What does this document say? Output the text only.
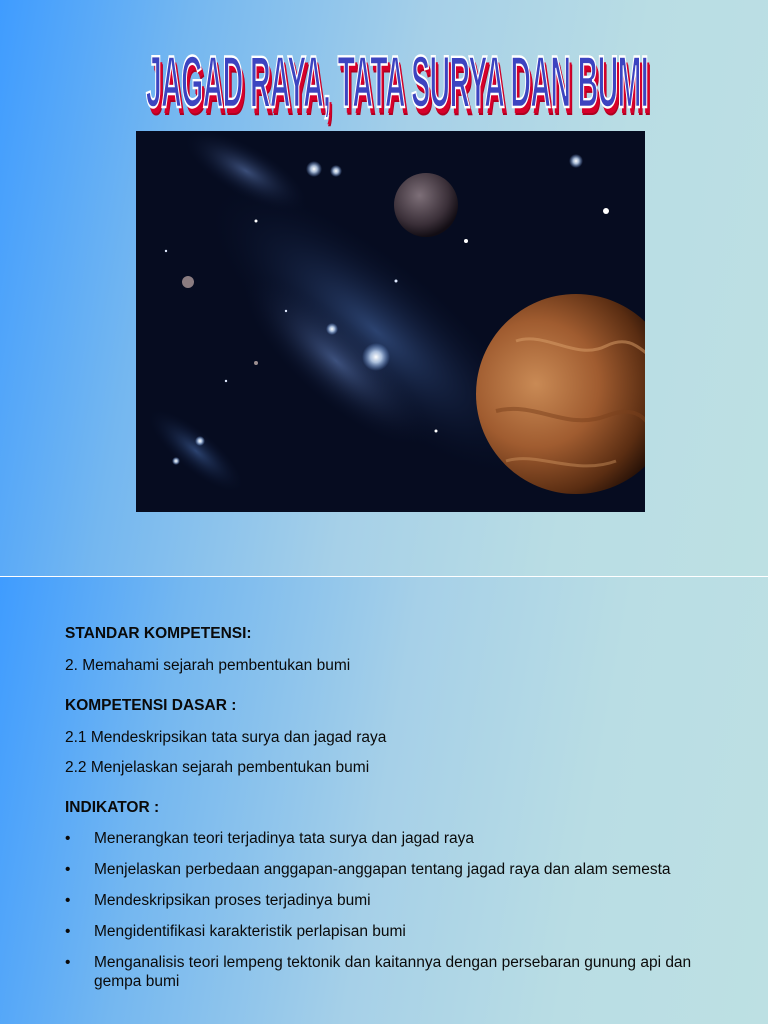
JAGAD RAYA, TATA SURYA DAN BUMI

STANDAR KOMPETENSI:

2. Memahami sejarah pembentukan bumi

KOMPETENSI DASAR :

2.1 Mendeskripsikan tata surya dan jagad raya

2.2 Menjelaskan sejarah pembentukan bumi

INDIKATOR :

• Menerangkan teori terjadinya tata surya dan jagad raya
• Menjelaskan perbedaan anggapan-anggapan tentang jagad raya dan alam semesta
• Mendeskripsikan proses terjadinya bumi
• Mengidentifikasi karakteristik perlapisan bumi
• Menganalisis teori lempeng tektonik dan kaitannya dengan persebaran gunung api dan gempa bumi
